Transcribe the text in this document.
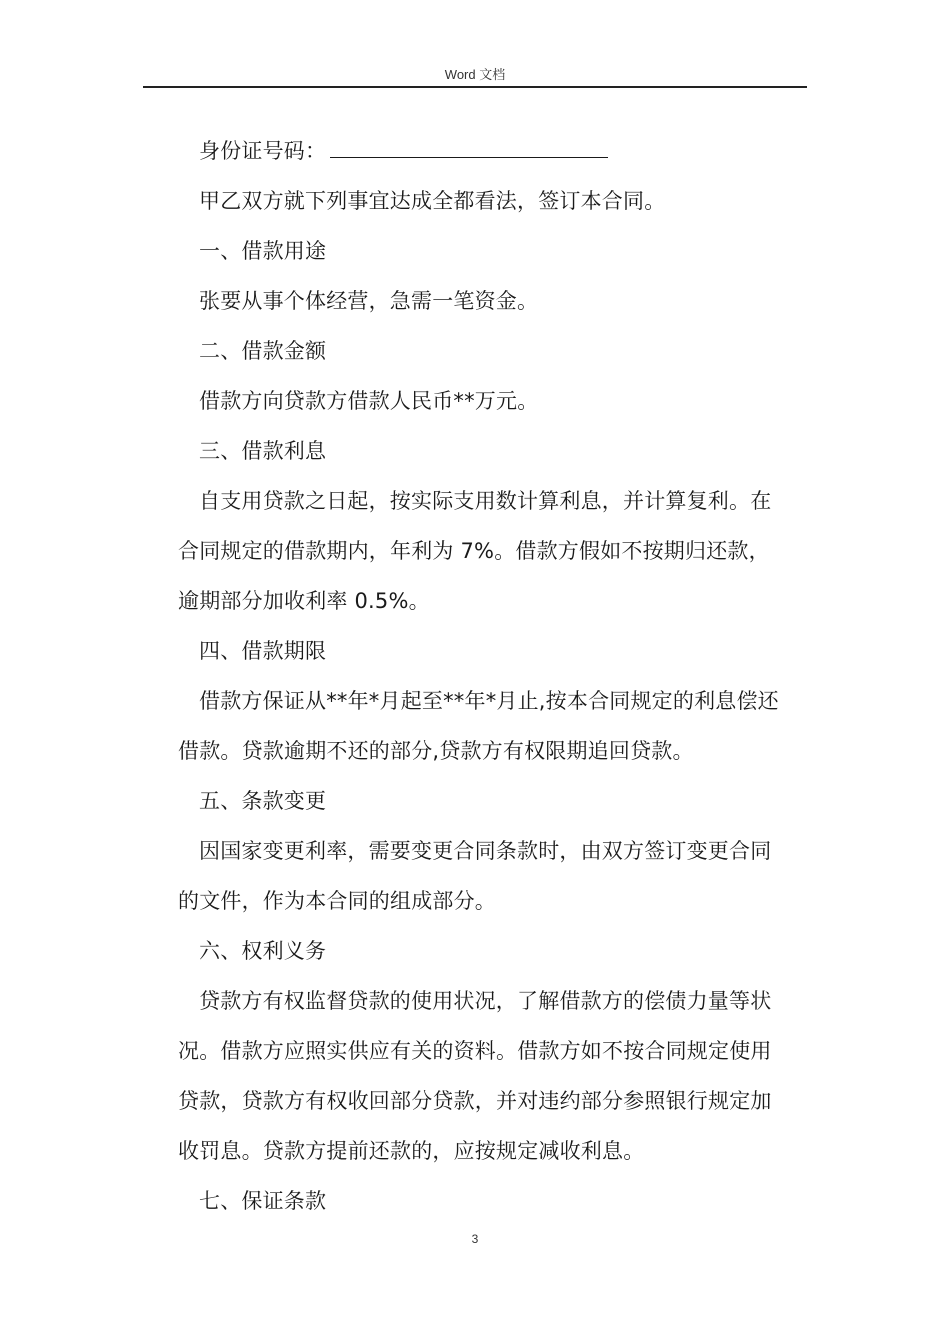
Word 文档

身份证号码：

甲乙双方就下列事宜达成全都看法，签订本合同。

一、借款用途

张要从事个体经营，急需一笔资金。

二、借款金额

借款方向贷款方借款人民币**万元。

三、借款利息

自支用贷款之日起，按实际支用数计算利息，并计算复利。在
合同规定的借款期内，年利为 7%。借款方假如不按期归还款，
逾期部分加收利率 0.5%。

四、借款期限

借款方保证从**年*月起至**年*月止,按本合同规定的利息偿还
借款。贷款逾期不还的部分,贷款方有权限期追回贷款。

五、条款变更

因国家变更利率，需要变更合同条款时，由双方签订变更合同
的文件，作为本合同的组成部分。

六、权利义务

贷款方有权监督贷款的使用状况，了解借款方的偿债力量等状
况。借款方应照实供应有关的资料。借款方如不按合同规定使用
贷款，贷款方有权收回部分贷款，并对违约部分参照银行规定加
收罚息。贷款方提前还款的，应按规定减收利息。

七、保证条款

3
